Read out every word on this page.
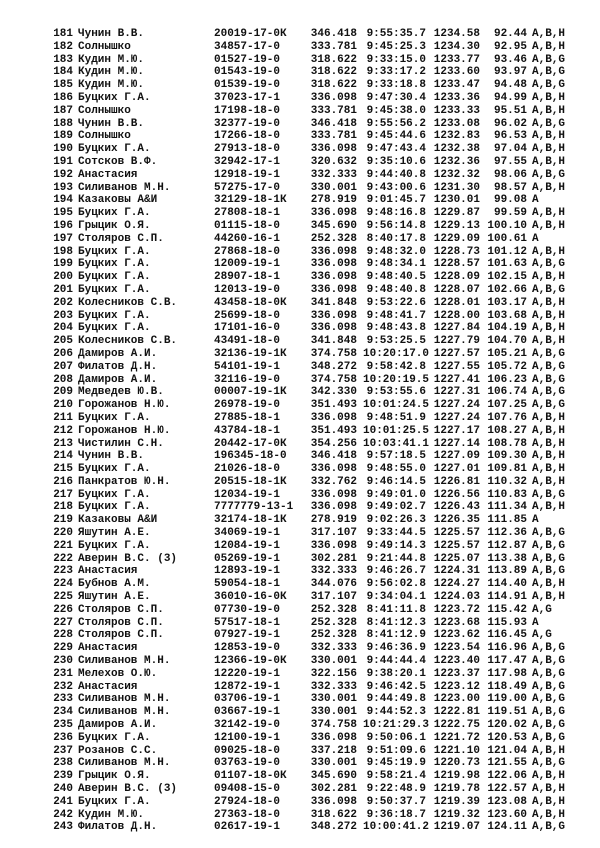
181 Чунин В.В.	20019-17-0К	346.418 9:55:35.7 1234.58	92.44 A,B,H
182 Солнышко	34857-17-0	333.781 9:45:25.3 1234.30	92.95 A,B,H
183 Кудин М.Ю.	01527-19-0	318.622 9:33:15.0 1233.77	93.46 A,B,G
184 Кудин М.Ю.	01543-19-0	318.622 9:33:17.2 1233.60	93.97 A,B,G
185 Кудин М.Ю.	01539-19-0	318.622 9:33:18.8 1233.47	94.48 A,B,G
186 Буцких Г.А.	37023-17-1	336.098 9:47:30.4 1233.36	94.99 A,B,H
187 Солнышко	17198-18-0	333.781 9:45:38.0 1233.33	95.51 A,B,H
188 Чунин В.В.	32377-19-0	346.418 9:55:56.2 1233.08	96.02 A,B,G
189 Солнышко	17266-18-0	333.781 9:45:44.6 1232.83	96.53 A,B,H
190 Буцких Г.А.	27913-18-0	336.098 9:47:43.4 1232.38	97.04 A,B,H
191 Сотсков В.Ф.	32942-17-1	320.632 9:35:10.6 1232.36	97.55 A,B,H
192 Анастасия	12918-19-1	332.333 9:44:40.8 1232.32	98.06 A,B,G
193 Силиванов М.Н.	57275-17-0	330.001 9:43:00.6 1231.30	98.57 A,B,H
194 Казаковы A&И	32129-18-1К	278.919 9:01:45.7 1230.01	99.08 A
195 Буцких Г.А.	27808-18-1	336.098 9:48:16.8 1229.87	99.59 A,B,H
196 Грыцик О.Я.	01115-18-0	345.690 9:56:14.8 1229.13 100.10 A,B,H
197 Столяров С.П.	44260-16-1	252.328 8:40:17.8 1229.09 100.61 A
198 Буцких Г.А.	27868-18-0	336.098 9:48:32.0 1228.73 101.12 A,B,H
199 Буцких Г.А.	12009-19-1	336.098 9:48:34.1 1228.57 101.63 A,B,G
200 Буцких Г.А.	28907-18-1	336.098 9:48:40.5 1228.09 102.15 A,B,H
201 Буцких Г.А.	12013-19-0	336.098 9:48:40.8 1228.07 102.66 A,B,G
202 Колесников С.В.	43458-18-0К	341.848 9:53:22.6 1228.01 103.17 A,B,H
203 Буцких Г.А.	25699-18-0	336.098 9:48:41.7 1228.00 103.68 A,B,H
204 Буцких Г.А.	17101-16-0	336.098 9:48:43.8 1227.84 104.19 A,B,H
205 Колесников С.В.	43491-18-0	341.848 9:53:25.5 1227.79 104.70 A,B,H
206 Дамиров А.И.	32136-19-1К	374.758 10:20:17.0 1227.57 105.21 A,B,G
207 Филатов Д.Н.	54101-19-1	348.272 9:58:42.8 1227.55 105.72 A,B,G
208 Дамиров А.И.	32116-19-0	374.758 10:20:19.5 1227.41 106.23 A,B,G
209 Медведев Ю.В.	00007-19-1К	342.330 9:53:55.6 1227.31 106.74 A,B,G
210 Горожанов Н.Ю.	26978-19-0	351.493 10:01:24.5 1227.24 107.25 A,B,G
211 Буцких Г.А.	27885-18-1	336.098 9:48:51.9 1227.24 107.76 A,B,H
212 Горожанов Н.Ю.	43784-18-1	351.493 10:01:25.5 1227.17 108.27 A,B,H
213 Чистилин С.Н.	20442-17-0К	354.256 10:03:41.1 1227.14 108.78 A,B,H
214 Чунин В.В.	196345-18-0	346.418 9:57:18.5 1227.09 109.30 A,B,H
215 Буцких Г.А.	21026-18-0	336.098 9:48:55.0 1227.01 109.81 A,B,H
216 Панкратов Ю.Н.	20515-18-1К	332.762 9:46:14.5 1226.81 110.32 A,B,H
217 Буцких Г.А.	12034-19-1	336.098 9:49:01.0 1226.56 110.83 A,B,G
218 Буцких Г.А.	7777779-13-1	336.098 9:49:02.7 1226.43 111.34 A,B,H
219 Казаковы A&И	32174-18-1К	278.919 9:02:26.3 1226.35 111.85 A
220 Яшутин А.Е.	34069-19-1	317.107 9:33:44.5 1225.57 112.36 A,B,G
221 Буцких Г.А.	12084-19-1	336.098 9:49:14.3 1225.57 112.87 A,B,G
222 Аверин В.С. (3)	05269-19-1	302.281 9:21:44.8 1225.07 113.38 A,B,G
223 Анастасия	12893-19-1	332.333 9:46:26.7 1224.31 113.89 A,B,G
224 Бубнов А.М.	59054-18-1	344.076 9:56:02.8 1224.27 114.40 A,B,H
225 Яшутин А.Е.	36010-16-0К	317.107 9:34:04.1 1224.03 114.91 A,B,H
226 Столяров С.П.	07730-19-0	252.328 8:41:11.8 1223.72 115.42 A,G
227 Столяров С.П.	57517-18-1	252.328 8:41:12.3 1223.68 115.93 A
228 Столяров С.П.	07927-19-1	252.328 8:41:12.9 1223.62 116.45 A,G
229 Анастасия	12853-19-0	332.333 9:46:36.9 1223.54 116.96 A,B,G
230 Силиванов М.Н.	12366-19-0К	330.001 9:44:44.4 1223.40 117.47 A,B,G
231 Мелехов О.Ю.	12220-19-1	322.156 9:38:20.1 1223.37 117.98 A,B,G
232 Анастасия	12872-19-1	332.333 9:46:42.5 1223.12 118.49 A,B,G
233 Силиванов М.Н.	03706-19-1	330.001 9:44:49.8 1223.00 119.00 A,B,G
234 Силиванов М.Н.	03667-19-1	330.001 9:44:52.3 1222.81 119.51 A,B,G
235 Дамиров А.И.	32142-19-0	374.758 10:21:29.3 1222.75 120.02 A,B,G
236 Буцких Г.А.	12100-19-1	336.098 9:50:06.1 1221.72 120.53 A,B,G
237 Розанов С.С.	09025-18-0	337.218 9:51:09.6 1221.10 121.04 A,B,H
238 Силиванов М.Н.	03763-19-0	330.001 9:45:19.9 1220.73 121.55 A,B,G
239 Грыцик О.Я.	01107-18-0К	345.690 9:58:21.4 1219.98 122.06 A,B,H
240 Аверин В.С. (3)	09408-15-0	302.281 9:22:48.9 1219.78 122.57 A,B,H
241 Буцких Г.А.	27924-18-0	336.098 9:50:37.7 1219.39 123.08 A,B,H
242 Кудин М.Ю.	27363-18-0	318.622 9:36:18.7 1219.32 123.60 A,B,H
243 Филатов Д.Н.	02617-19-1	348.272 10:00:41.2 1219.07 124.11 A,B,G
